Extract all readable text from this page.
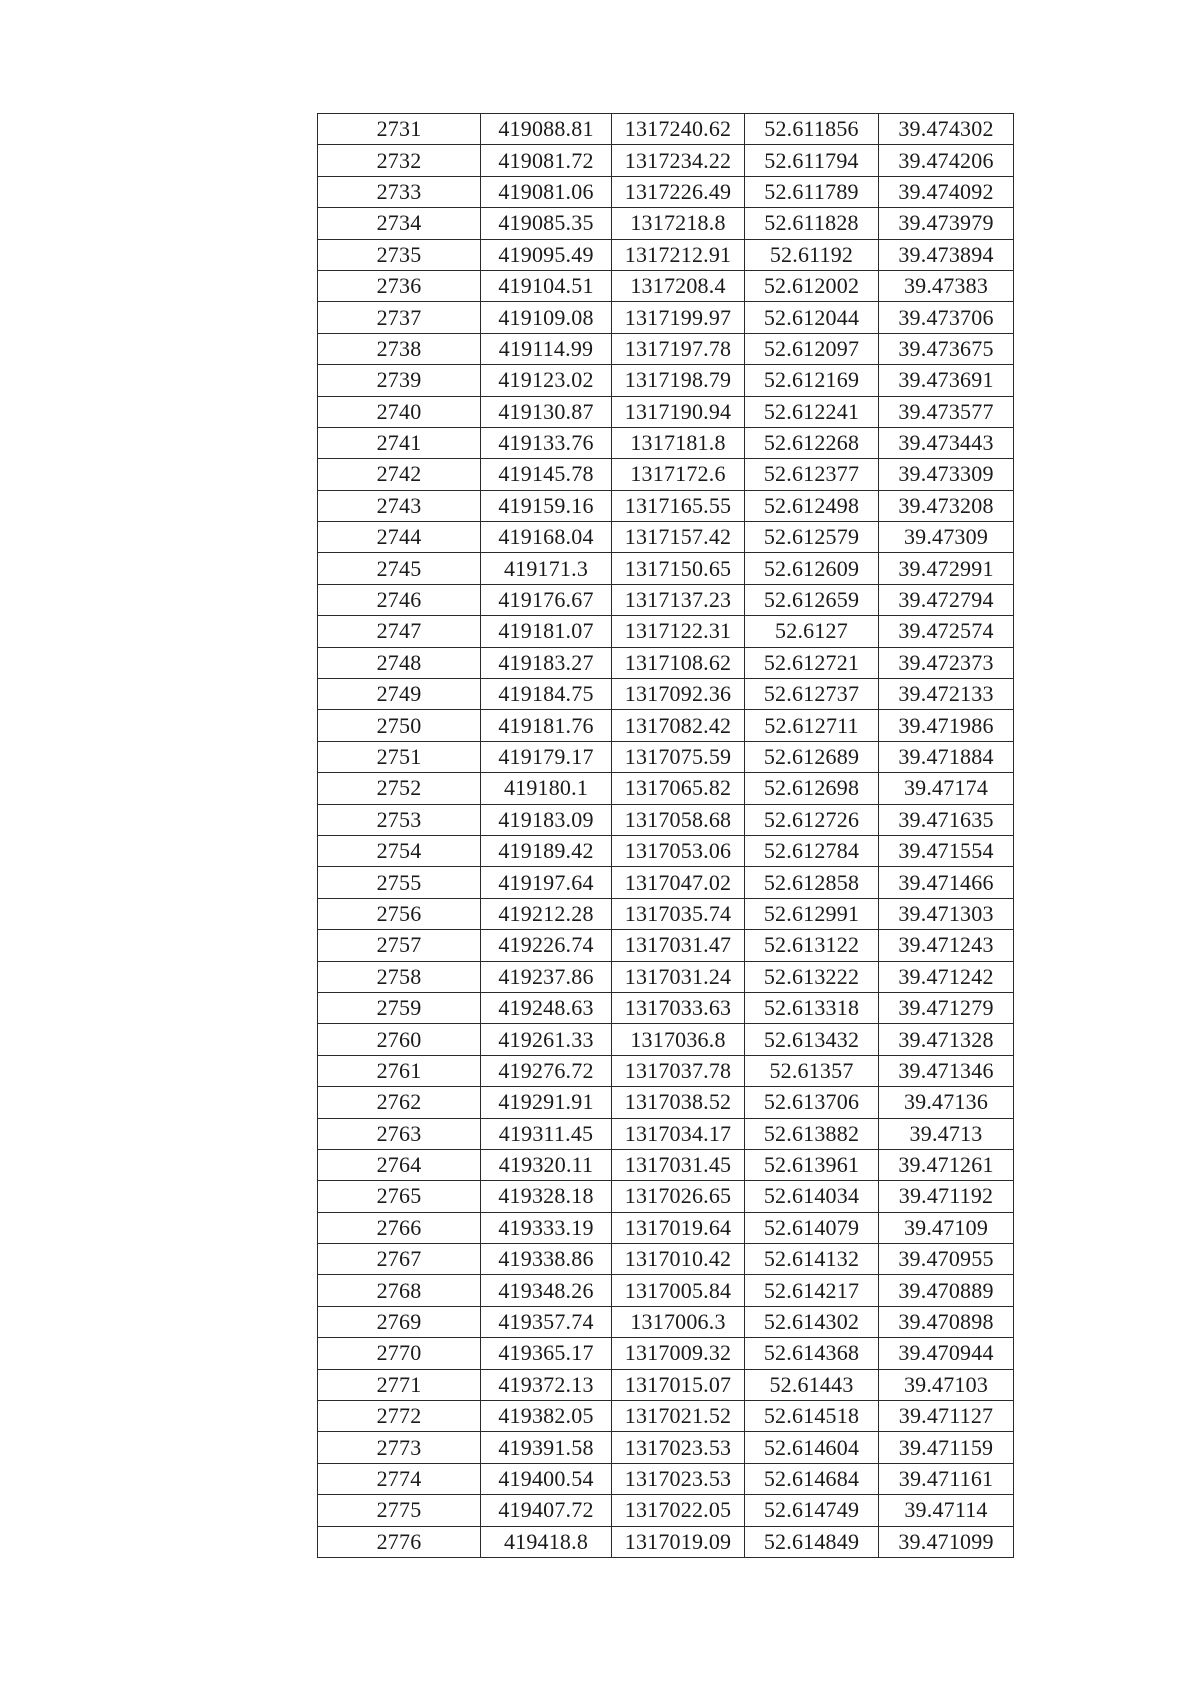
2731	419088.81	1317240.62	52.611856	39.474302
2732	419081.72	1317234.22	52.611794	39.474206
2733	419081.06	1317226.49	52.611789	39.474092
2734	419085.35	1317218.8	52.611828	39.473979
2735	419095.49	1317212.91	52.61192	39.473894
2736	419104.51	1317208.4	52.612002	39.47383
2737	419109.08	1317199.97	52.612044	39.473706
2738	419114.99	1317197.78	52.612097	39.473675
2739	419123.02	1317198.79	52.612169	39.473691
2740	419130.87	1317190.94	52.612241	39.473577
2741	419133.76	1317181.8	52.612268	39.473443
2742	419145.78	1317172.6	52.612377	39.473309
2743	419159.16	1317165.55	52.612498	39.473208
2744	419168.04	1317157.42	52.612579	39.47309
2745	419171.3	1317150.65	52.612609	39.472991
2746	419176.67	1317137.23	52.612659	39.472794
2747	419181.07	1317122.31	52.6127	39.472574
2748	419183.27	1317108.62	52.612721	39.472373
2749	419184.75	1317092.36	52.612737	39.472133
2750	419181.76	1317082.42	52.612711	39.471986
2751	419179.17	1317075.59	52.612689	39.471884
2752	419180.1	1317065.82	52.612698	39.47174
2753	419183.09	1317058.68	52.612726	39.471635
2754	419189.42	1317053.06	52.612784	39.471554
2755	419197.64	1317047.02	52.612858	39.471466
2756	419212.28	1317035.74	52.612991	39.471303
2757	419226.74	1317031.47	52.613122	39.471243
2758	419237.86	1317031.24	52.613222	39.471242
2759	419248.63	1317033.63	52.613318	39.471279
2760	419261.33	1317036.8	52.613432	39.471328
2761	419276.72	1317037.78	52.61357	39.471346
2762	419291.91	1317038.52	52.613706	39.47136
2763	419311.45	1317034.17	52.613882	39.4713
2764	419320.11	1317031.45	52.613961	39.471261
2765	419328.18	1317026.65	52.614034	39.471192
2766	419333.19	1317019.64	52.614079	39.47109
2767	419338.86	1317010.42	52.614132	39.470955
2768	419348.26	1317005.84	52.614217	39.470889
2769	419357.74	1317006.3	52.614302	39.470898
2770	419365.17	1317009.32	52.614368	39.470944
2771	419372.13	1317015.07	52.61443	39.47103
2772	419382.05	1317021.52	52.614518	39.471127
2773	419391.58	1317023.53	52.614604	39.471159
2774	419400.54	1317023.53	52.614684	39.471161
2775	419407.72	1317022.05	52.614749	39.47114
2776	419418.8	1317019.09	52.614849	39.471099
